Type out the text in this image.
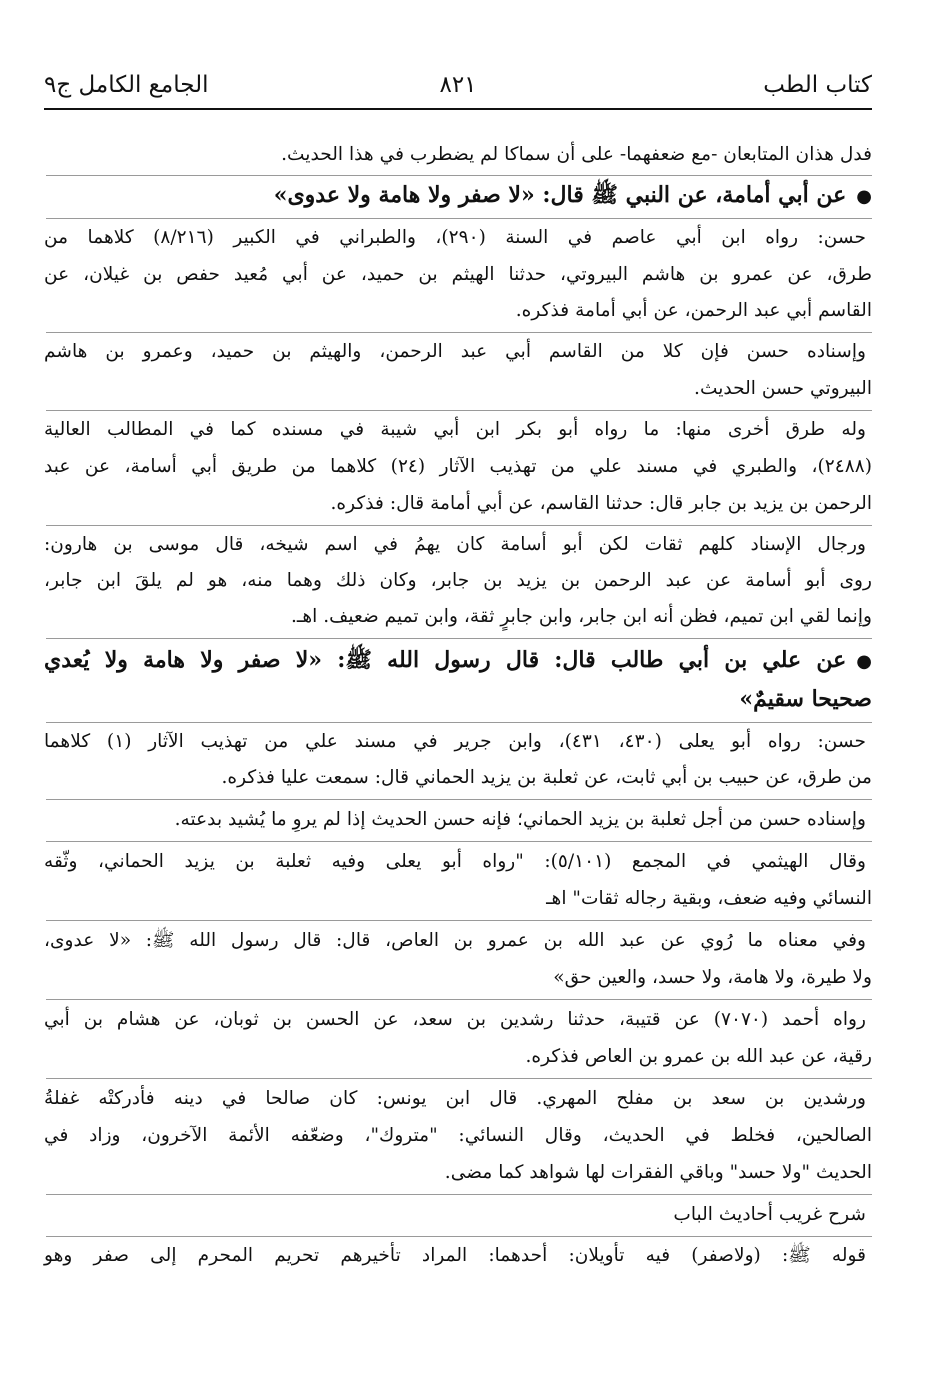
كتاب الطب
٨٢١
الجامع الكامل ج٩
فدل هذان المتابعان -مع ضعفهما- على أن سماكا لم يضطرب في هذا الحديث.
●عن أبي أمامة، عن النبي ﷺ قال: «لا صفر ولا هامة ولا عدوى»
حسن: رواه ابن أبي عاصم في السنة (٢٩٠)، والطبراني في الكبير (٨/٢١٦) كلاهما من
طرق، عن عمرو بن هاشم البيروتي، حدثنا الهيثم بن حميد، عن أبي مُعيد حفص بن غيلان، عن
القاسم أبي عبد الرحمن، عن أبي أمامة فذكره.
وإسناده حسن فإن كلا من القاسم أبي عبد الرحمن، والهيثم بن حميد، وعمرو بن هاشم
البيروتي حسن الحديث.
وله طرق أخرى منها: ما رواه أبو بكر ابن أبي شيبة في مسنده كما في المطالب العالية
(٢٤٨٨)، والطبري في مسند علي من تهذيب الآثار (٢٤) كلاهما من طريق أبي أسامة، عن عبد
الرحمن بن يزيد بن جابر قال: حدثنا القاسم، عن أبي أمامة قال: فذكره.
ورجال الإسناد كلهم ثقات لكن أبو أسامة كان يهمُ في اسم شيخه، قال موسى بن هارون:
روى أبو أسامة عن عبد الرحمن بن يزيد بن جابر، وكان ذلك وهما منه، هو لم يلقَ ابن جابر،
وإنما لقي ابن تميم، فظن أنه ابن جابر، وابن جابرٍ ثقة، وابن تميم ضعيف. اهـ.
●عن علي بن أبي طالب قال: قال رسول الله ﷺ: «لا صفر ولا هامة ولا يُعدي
صحيحا سقيمٌ»
حسن: رواه أبو يعلى (٤٣٠، ٤٣١)، وابن جرير في مسند علي من تهذيب الآثار (١) كلاهما
من طرق، عن حبيب بن أبي ثابت، عن ثعلبة بن يزيد الحماني قال: سمعت عليا فذكره.
وإسناده حسن من أجل ثعلبة بن يزيد الحماني؛ فإنه حسن الحديث إذا لم يروِ ما يُشيد بدعته.
وقال الهيثمي في المجمع (٥/١٠١): "رواه أبو يعلى وفيه ثعلبة بن يزيد الحماني، وثّقه
النسائي وفيه ضعف، وبقية رجاله ثقات" اهـ
وفي معناه ما رُوي عن عبد الله بن عمرو بن العاص، قال: قال رسول الله ﷺ: «لا عدوى،
ولا طيرة، ولا هامة، ولا حسد، والعين حق»
رواه أحمد (٧٠٧٠) عن قتيبة، حدثنا رشدين بن سعد، عن الحسن بن ثوبان، عن هشام بن أبي
رقية، عن عبد الله بن عمرو بن العاص فذكره.
ورشدين بن سعد بن مفلح المهري. قال ابن يونس: كان صالحا في دينه فأدركتْه غفلةُ
الصالحين، فخلط في الحديث، وقال النسائي: "متروك"، وضعّفه الأئمة الآخرون، وزاد في
الحديث "ولا حسد" وباقي الفقرات لها شواهد كما مضى.
شرح غريب أحاديث الباب
قوله ﷺ: (ولاصفر) فيه تأويلان: أحدهما: المراد تأخيرهم تحريم المحرم إلى صفر وهو
